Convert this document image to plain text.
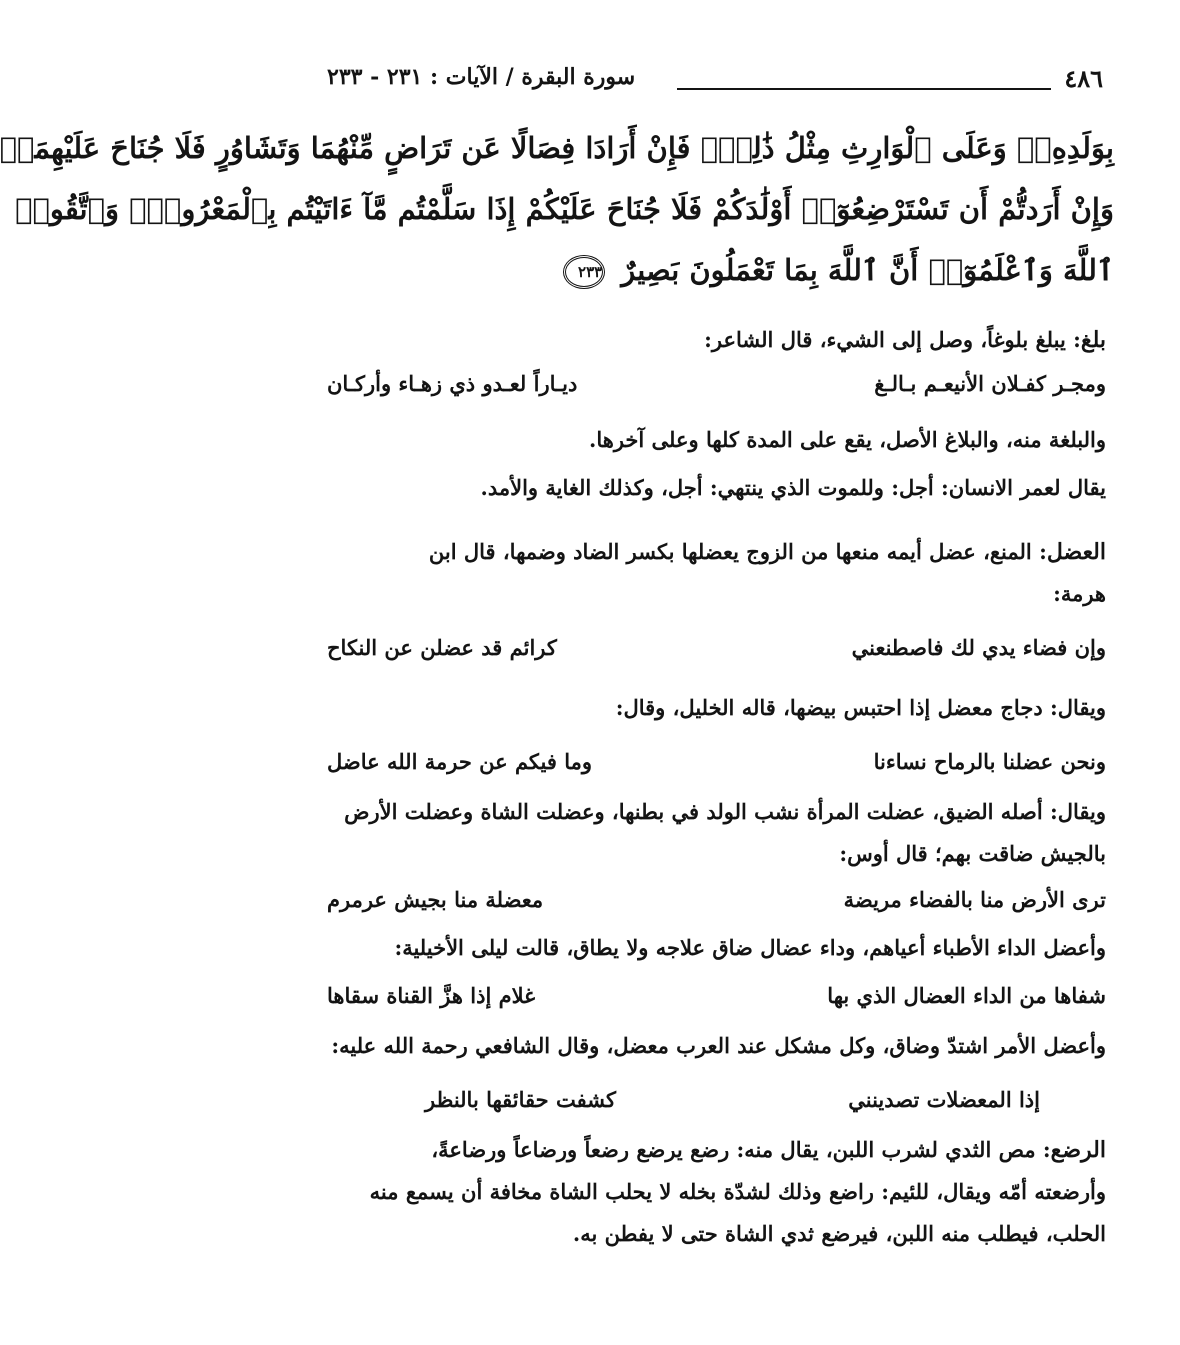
٤٨٦
سورة البقرة / الآيات : ٢٣١ - ٢٣٣
بِوَلَدِهِۦۚ وَعَلَى ٱلْوَارِثِ مِثْلُ ذَٰلِكَۗ فَإِنْ أَرَادَا فِصَالًا عَن تَرَاضٍ مِّنْهُمَا وَتَشَاوُرٍ فَلَا جُنَاحَ عَلَيْهِمَاۗ
وَإِنْ أَرَدتُّمْ أَن تَسْتَرْضِعُوٓا۟ أَوْلَٰدَكُمْ فَلَا جُنَاحَ عَلَيْكُمْ إِذَا سَلَّمْتُم مَّآ ءَاتَيْتُم بِٱلْمَعْرُوفِۗ وَٱتَّقُوا۟
ٱللَّهَ وَٱعْلَمُوٓا۟ أَنَّ ٱللَّهَ بِمَا تَعْمَلُونَ بَصِيرٌ ٢٣٣
بلغ: يبلغ بلوغاً، وصل إلى الشيء، قال الشاعر:
ومجـر كفـلان الأنيعـم بـالـغ
ديـاراً لعـدو ذي زهـاء وأركـان
والبلغة منه، والبلاغ الأصل، يقع على المدة كلها وعلى آخرها.
يقال لعمر الانسان: أجل: وللموت الذي ينتهي: أجل، وكذلك الغاية والأمد.
العضل: المنع، عضل أيمه منعها من الزوج يعضلها بكسر الضاد وضمها، قال ابن
هرمة:
وإن فضاء يدي لك فاصطنعني
كرائم قد عضلن عن النكاح
ويقال: دجاج معضل إذا احتبس بيضها، قاله الخليل، وقال:
ونحن عضلنا بالرماح نساءنا
وما فيكم عن حرمة الله عاضل
ويقال: أصله الضيق، عضلت المرأة نشب الولد في بطنها، وعضلت الشاة وعضلت الأرض
بالجيش ضاقت بهم؛ قال أوس:
ترى الأرض منا بالفضاء مريضة
معضلة منا بجيش عرمرم
وأعضل الداء الأطباء أعياهم، وداء عضال ضاق علاجه ولا يطاق، قالت ليلى الأخيلية:
شفاها من الداء العضال الذي بها
غلام إذا هزَّ القناة سقاها
وأعضل الأمر اشتدّ وضاق، وكل مشكل عند العرب معضل، وقال الشافعي رحمة الله عليه:
إذا المعضلات تصدينني
كشفت حقائقها بالنظر
الرضع: مص الثدي لشرب اللبن، يقال منه: رضع يرضع رضعاً ورضاعاً ورضاعةً،
وأرضعته أمّه ويقال، للئيم: راضع وذلك لشدّة بخله لا يحلب الشاة مخافة أن يسمع منه
الحلب، فيطلب منه اللبن، فيرضع ثدي الشاة حتى لا يفطن به.
